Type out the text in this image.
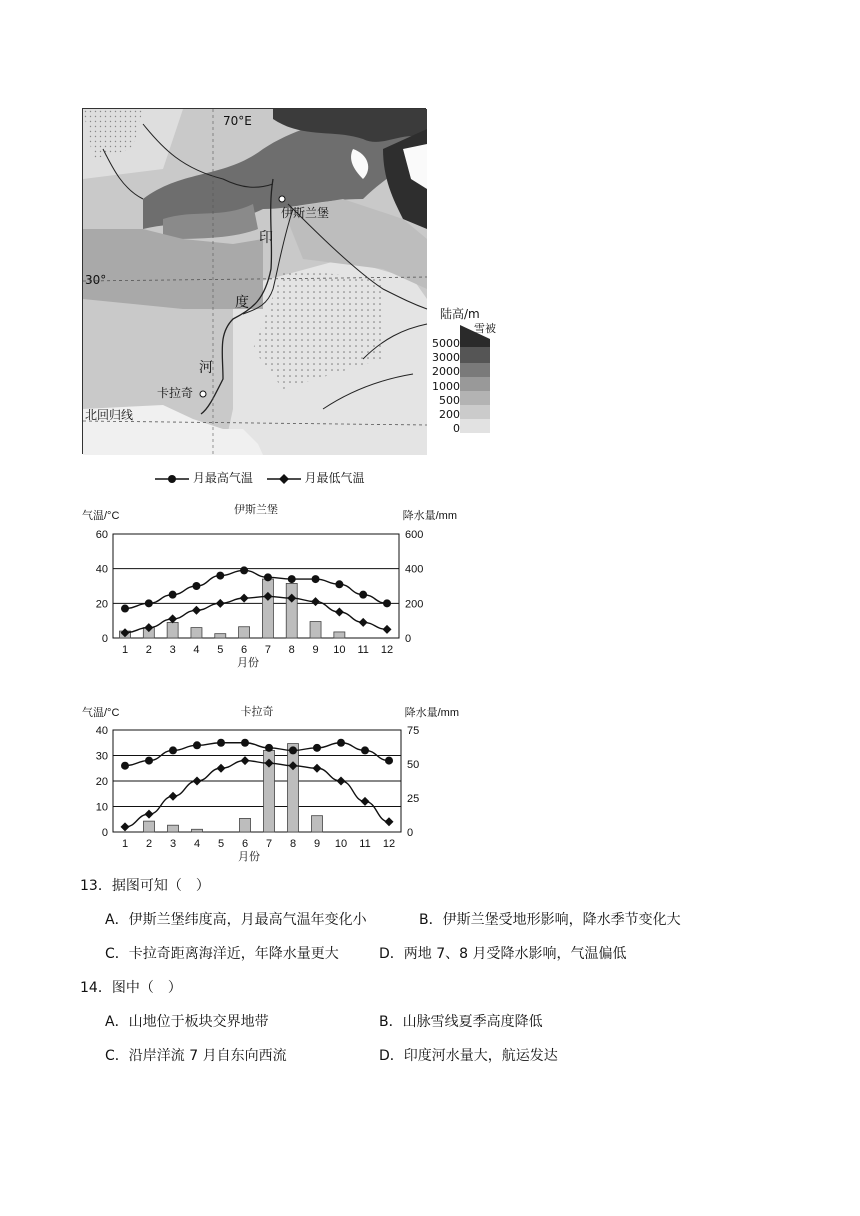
70°E
30°
伊斯兰堡
印
度
河
卡拉奇
北回归线
陆高/m
雪被
5000
3000
2000
1000
500
200
0
月最高气温	月最低气温
伊斯兰堡
气温/°C	降水量/mm
0
20
40
60
0
200
400
600
1 2 3 4 5 6 7 8 9 10 11 12
月份
卡拉奇
气温/°C	降水量/mm
0
10
20
30
40
0
25
50
75
1 2 3 4 5 6 7 8 9 10 11 12
月份
13．据图可知（　）
A．伊斯兰堡纬度高，月最高气温年变化小	B．伊斯兰堡受地形影响，降水季节变化大
C．卡拉奇距离海洋近，年降水量更大	D．两地 7、8 月受降水影响，气温偏低
14．图中（　）
A．山地位于板块交界地带	B．山脉雪线夏季高度降低
C．沿岸洋流 7 月自东向西流	D．印度河水量大，航运发达
